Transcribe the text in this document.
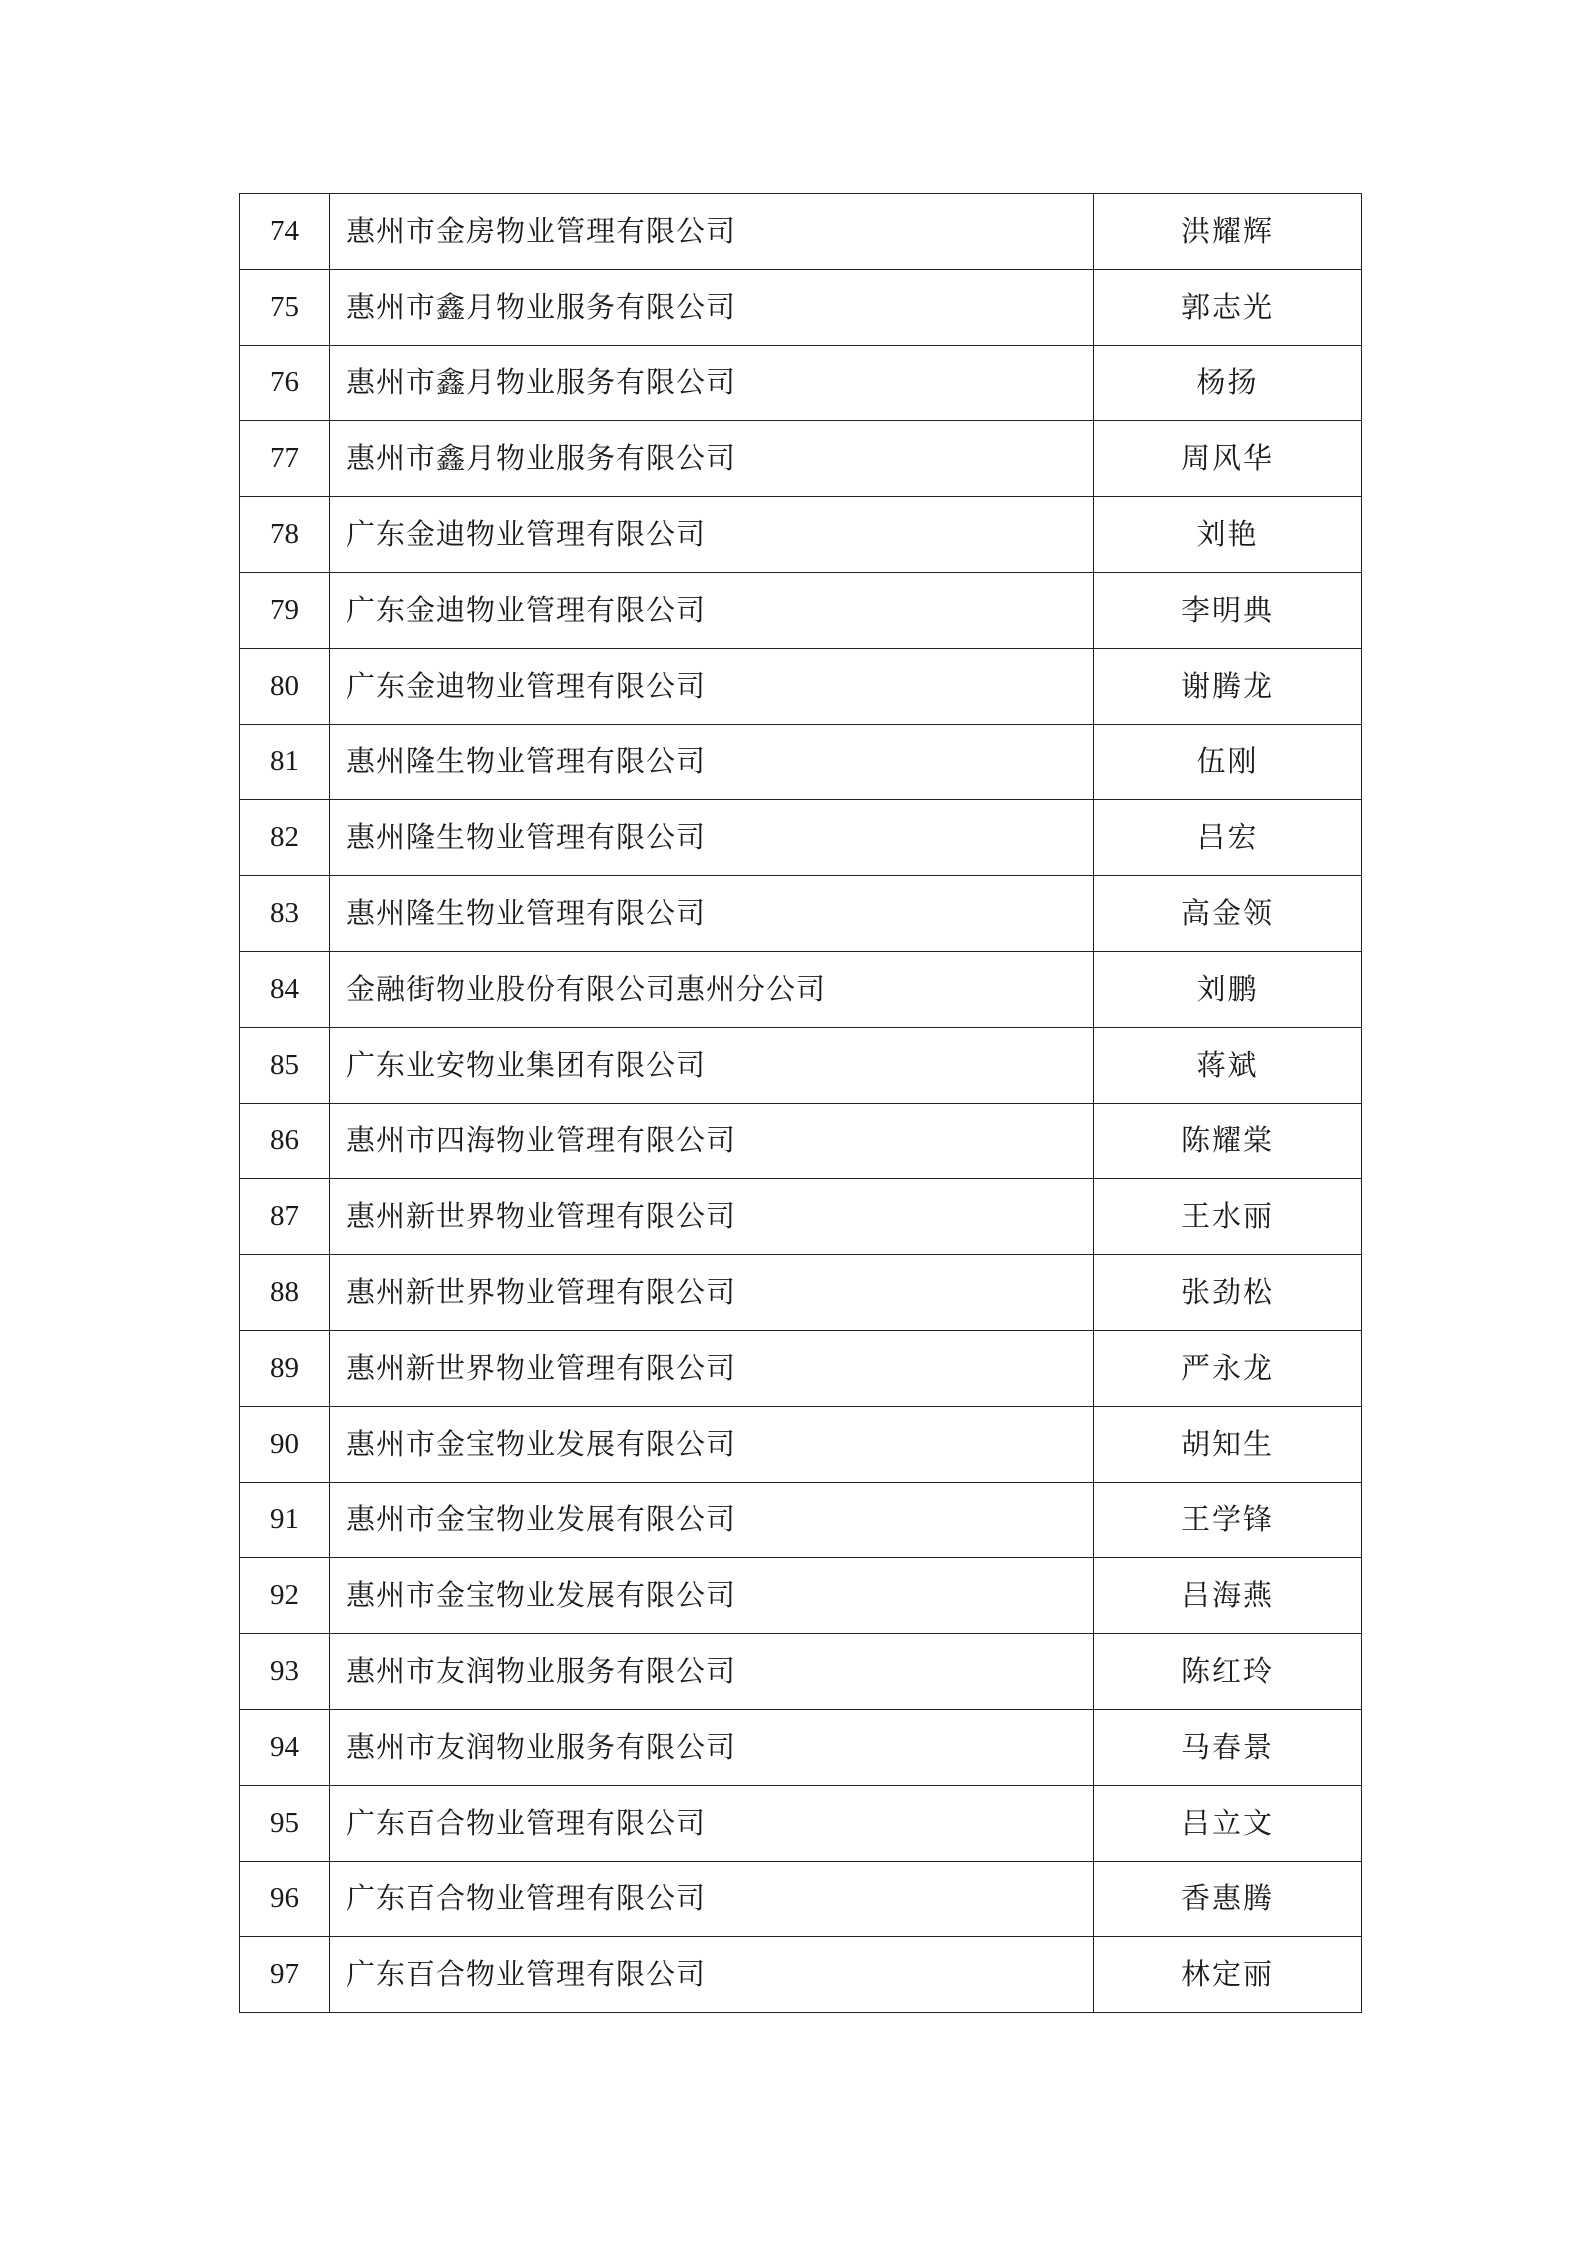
74	惠州市金房物业管理有限公司	洪耀辉
75	惠州市鑫月物业服务有限公司	郭志光
76	惠州市鑫月物业服务有限公司	杨扬
77	惠州市鑫月物业服务有限公司	周风华
78	广东金迪物业管理有限公司	刘艳
79	广东金迪物业管理有限公司	李明典
80	广东金迪物业管理有限公司	谢腾龙
81	惠州隆生物业管理有限公司	伍刚
82	惠州隆生物业管理有限公司	吕宏
83	惠州隆生物业管理有限公司	高金领
84	金融街物业股份有限公司惠州分公司	刘鹏
85	广东业安物业集团有限公司	蒋斌
86	惠州市四海物业管理有限公司	陈耀棠
87	惠州新世界物业管理有限公司	王水丽
88	惠州新世界物业管理有限公司	张劲松
89	惠州新世界物业管理有限公司	严永龙
90	惠州市金宝物业发展有限公司	胡知生
91	惠州市金宝物业发展有限公司	王学锋
92	惠州市金宝物业发展有限公司	吕海燕
93	惠州市友润物业服务有限公司	陈红玲
94	惠州市友润物业服务有限公司	马春景
95	广东百合物业管理有限公司	吕立文
96	广东百合物业管理有限公司	香惠腾
97	广东百合物业管理有限公司	林定丽
